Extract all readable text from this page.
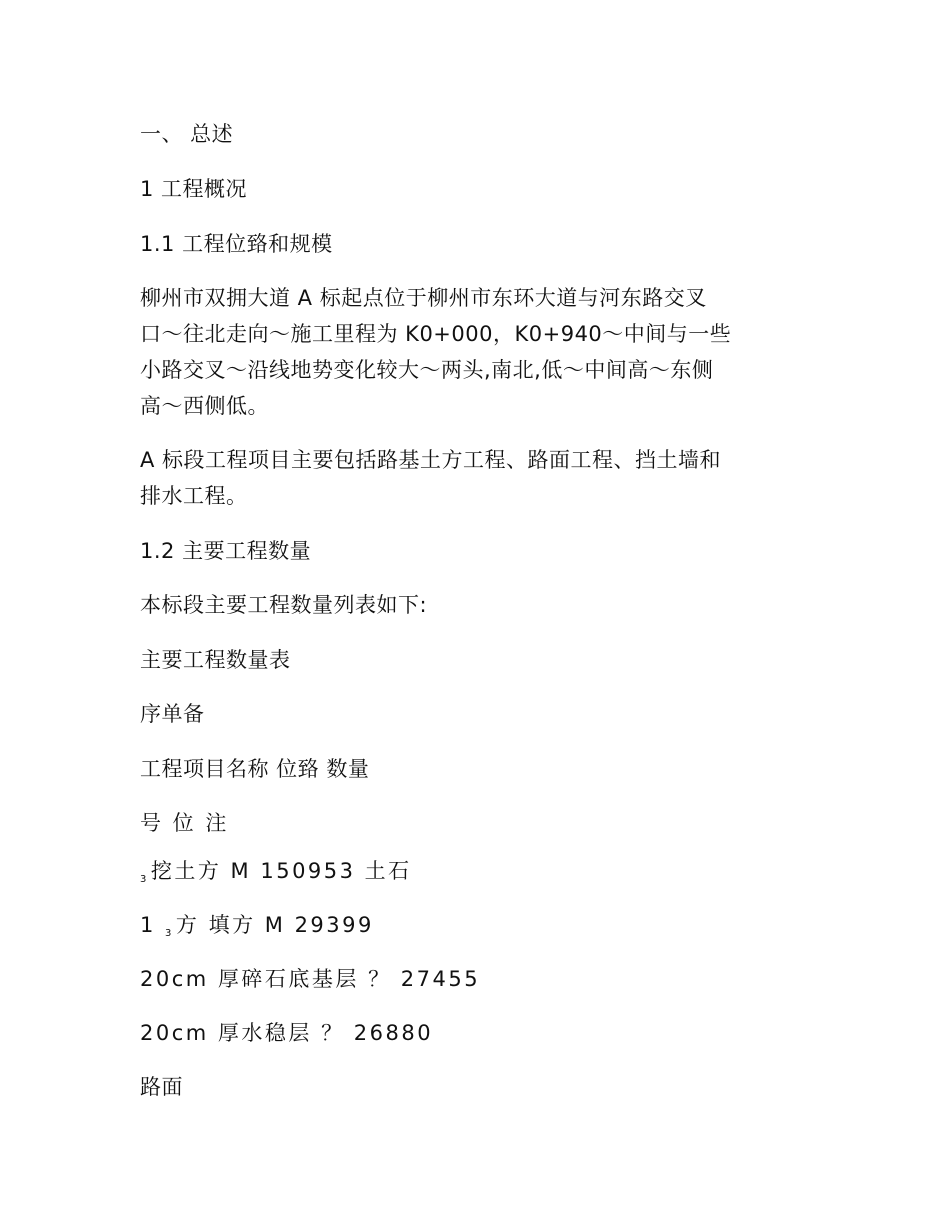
一、 总述
1 工程概况
1.1 工程位臵和规模
柳州市双拥大道 A 标起点位于柳州市东环大道与河东路交叉
口～往北走向～施工里程为 K0+000，K0+940～中间与一些
小路交叉～沿线地势变化较大～两头,南北,低～中间高～东侧
高～西侧低。
A 标段工程项目主要包括路基土方工程、路面工程、挡土墙和
排水工程。
1.2 主要工程数量
本标段主要工程数量列表如下:
主要工程数量表
序单备
工程项目名称 位臵 数量
号 位 注
$_3$挖土方 M 150953 土石
1 $_3$方 填方 M 29399
20cm 厚碎石底基层 ？ 27455
20cm 厚水稳层 ？ 26880
路面
